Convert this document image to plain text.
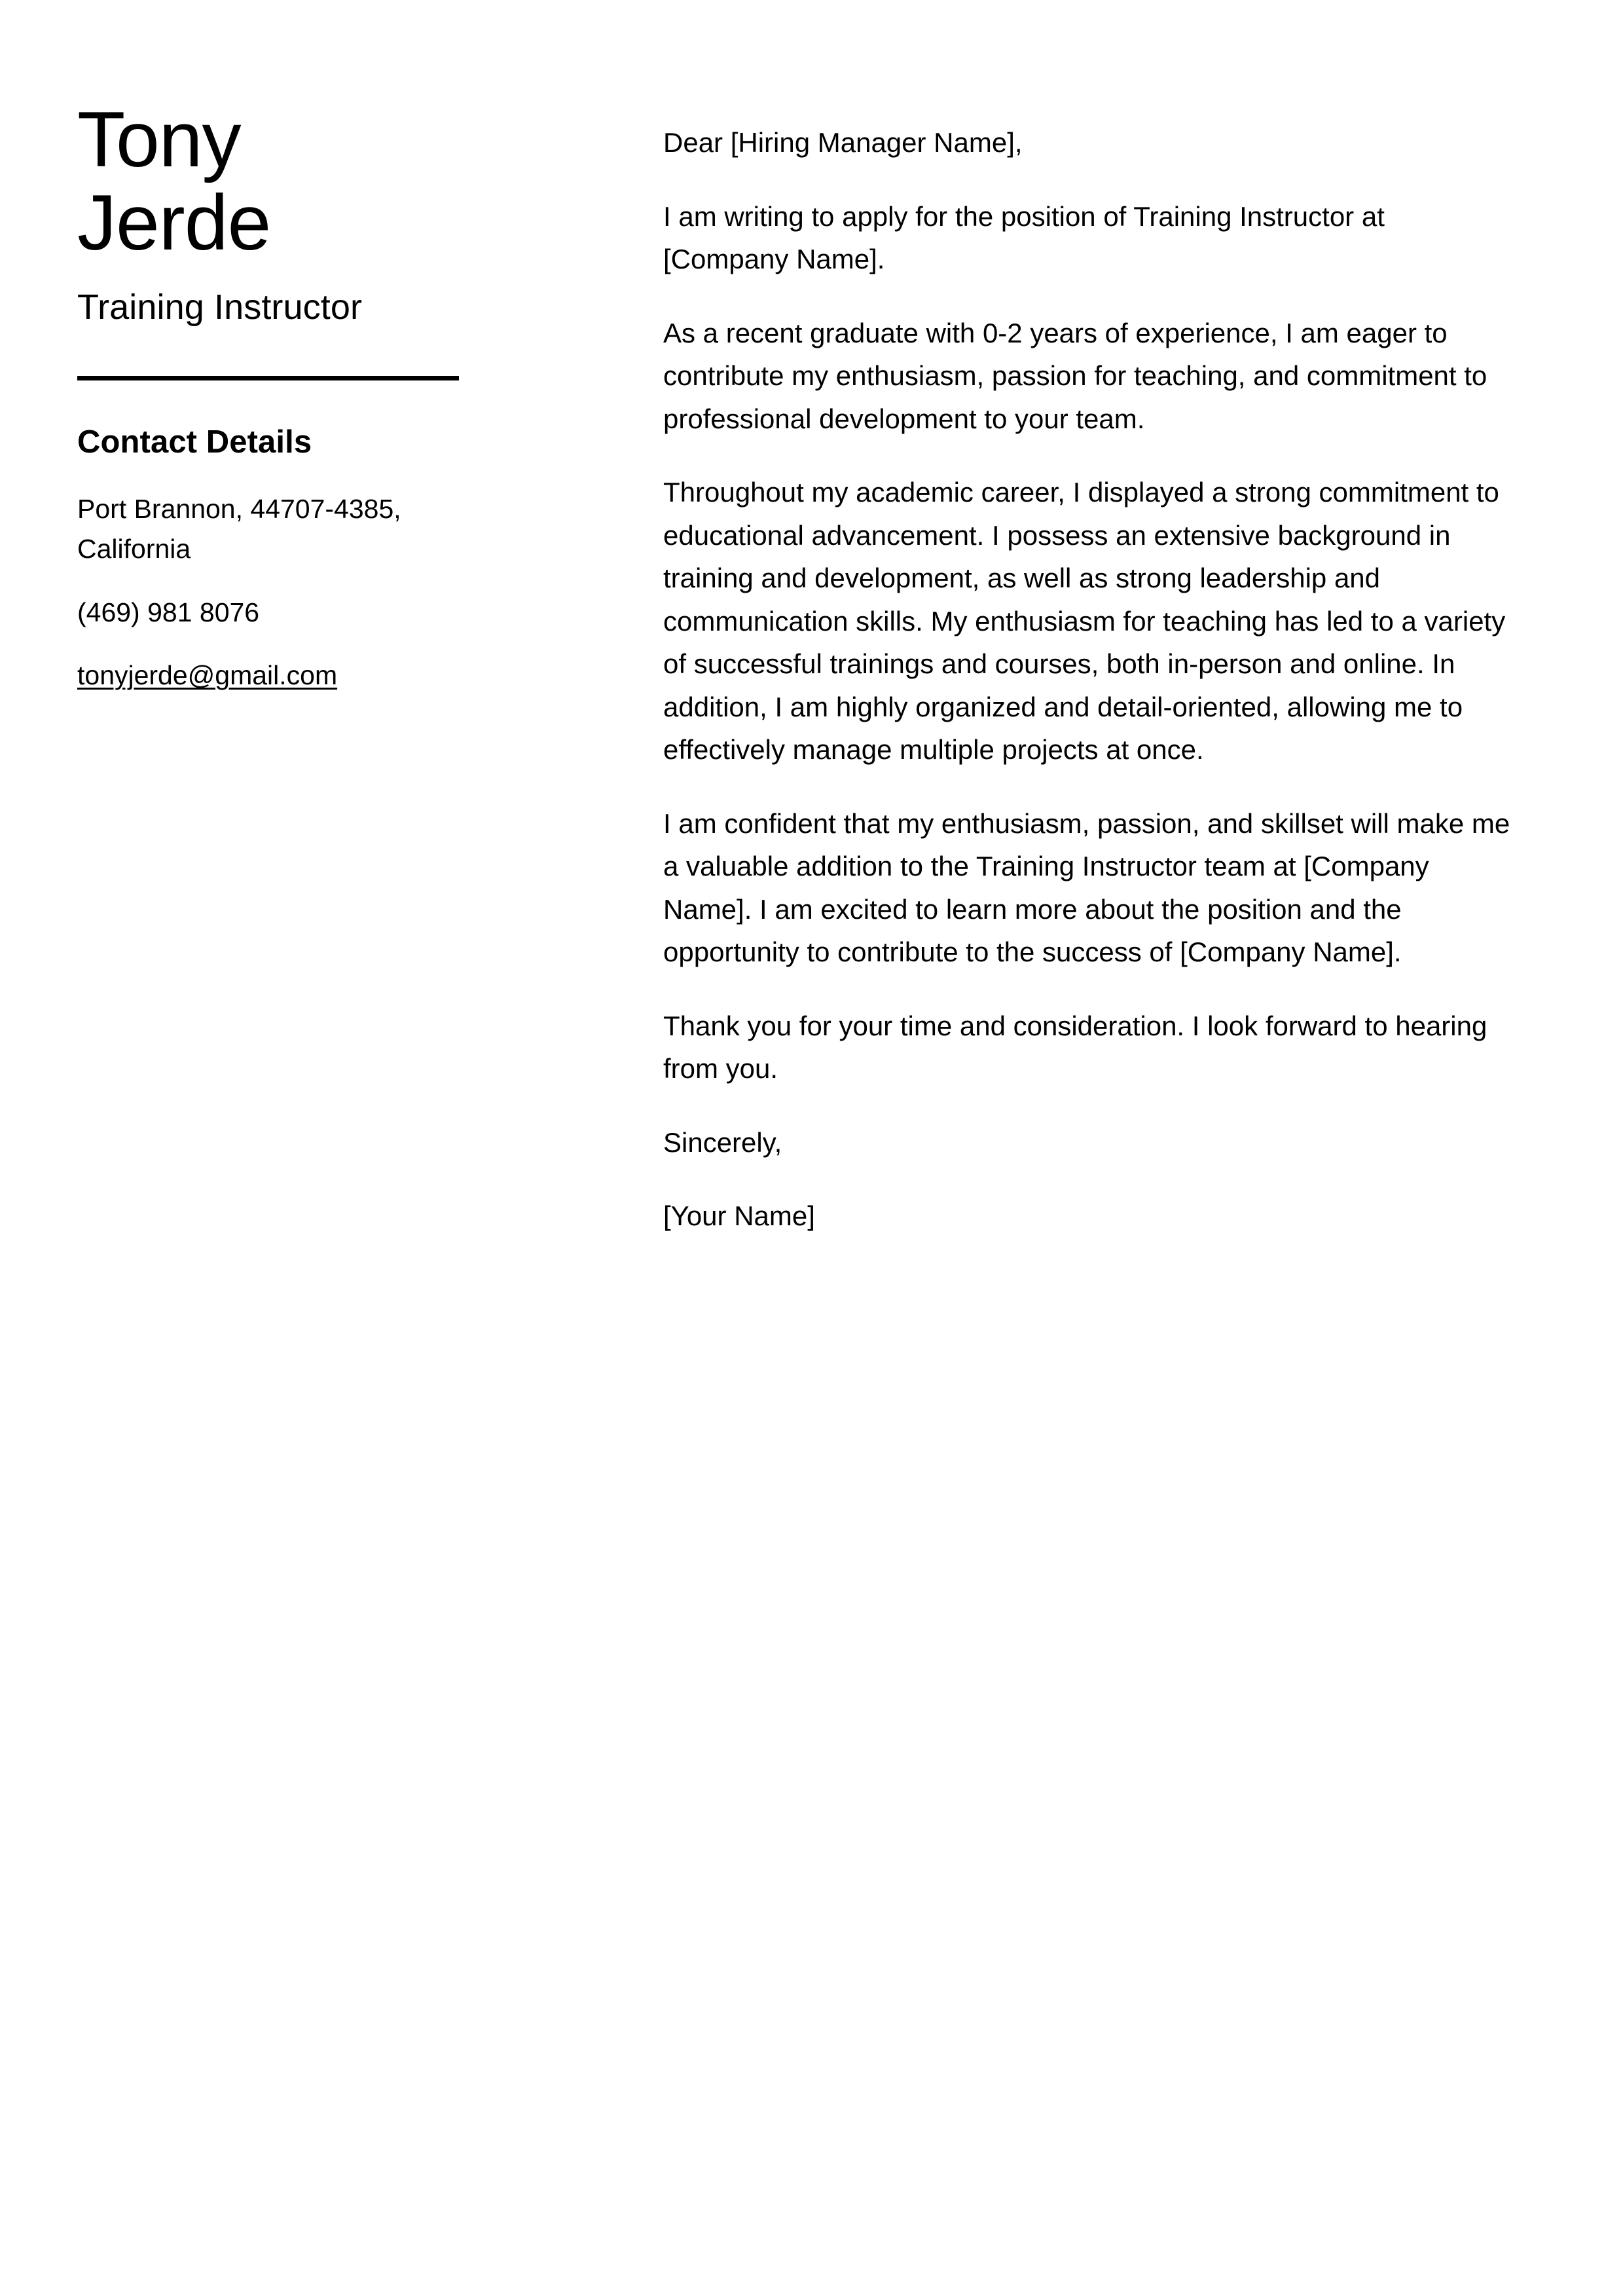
Tony
Jerde
Training Instructor
Contact Details
Port Brannon, 44707-4385, California
(469) 981 8076
tonyjerde@gmail.com

Dear [Hiring Manager Name],

I am writing to apply for the position of Training Instructor at [Company Name].

As a recent graduate with 0-2 years of experience, I am eager to contribute my enthusiasm, passion for teaching, and commitment to professional development to your team.

Throughout my academic career, I displayed a strong commitment to educational advancement. I possess an extensive background in training and development, as well as strong leadership and communication skills. My enthusiasm for teaching has led to a variety of successful trainings and courses, both in-person and online. In addition, I am highly organized and detail-oriented, allowing me to effectively manage multiple projects at once.

I am confident that my enthusiasm, passion, and skillset will make me a valuable addition to the Training Instructor team at [Company Name]. I am excited to learn more about the position and the opportunity to contribute to the success of [Company Name].

Thank you for your time and consideration. I look forward to hearing from you.

Sincerely,

[Your Name]
